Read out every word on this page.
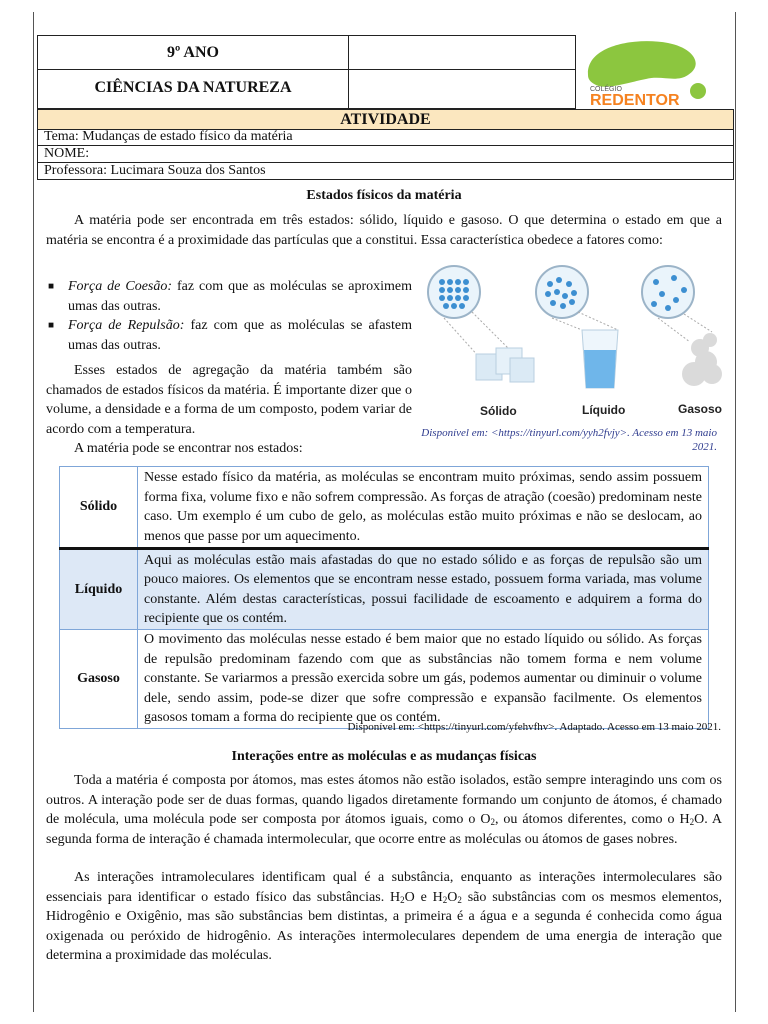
9º ANO
CIÊNCIAS DA NATUREZA	COLÉGIO
REDENTOR
ATIVIDADE
Tema: Mudanças de estado físico da matéria
NOME:
Professora: Lucimara Souza dos Santos
Estados físicos da matéria
A matéria pode ser encontrada em três estados: sólido, líquido e gasoso. O que determina o estado em que a matéria se encontra é a proximidade das partículas que a constitui. Essa característica obedece a fatores como:
■ Força de Coesão: faz com que as moléculas se aproximem umas das outras.
■ Força de Repulsão: faz com que as moléculas se afastem umas das outras.
Esses estados de agregação da matéria também são chamados de estados físicos da matéria. É importante dizer que o volume, a densidade e a forma de um composto, podem variar de acordo com a temperatura.
A matéria pode se encontrar nos estados:
Sólido	Líquido	Gasoso
Disponível em: <https://tinyurl.com/yyh2fvjy>. Acesso em 13 maio 2021.
Sólido	Nesse estado físico da matéria, as moléculas se encontram muito próximas, sendo assim possuem forma fixa, volume fixo e não sofrem compressão. As forças de atração (coesão) predominam neste caso. Um exemplo é um cubo de gelo, as moléculas estão muito próximas e não se deslocam, ao menos que passe por um aquecimento.
Líquido	Aqui as moléculas estão mais afastadas do que no estado sólido e as forças de repulsão são um pouco maiores. Os elementos que se encontram nesse estado, possuem forma variada, mas volume constante. Além destas características, possui facilidade de escoamento e adquirem a forma do recipiente que os contém.
Gasoso	O movimento das moléculas nesse estado é bem maior que no estado líquido ou sólido. As forças de repulsão predominam fazendo com que as substâncias não tomem forma e nem volume constante. Se variarmos a pressão exercida sobre um gás, podemos aumentar ou diminuir o volume dele, sendo assim, pode-se dizer que sofre compressão e expansão facilmente. Os elementos gasosos tomam a forma do recipiente que os contém.
Disponível em: <https://tinyurl.com/yfehvfhv>. Adaptado. Acesso em 13 maio 2021.
Interações entre as moléculas e as mudanças físicas
Toda a matéria é composta por átomos, mas estes átomos não estão isolados, estão sempre interagindo uns com os outros. A interação pode ser de duas formas, quando ligados diretamente formando um conjunto de átomos, é chamado de molécula, uma molécula pode ser composta por átomos iguais, como o $O_2$, ou átomos diferentes, como o $H_2O$. A segunda forma de interação é chamada intermolecular, que ocorre entre as moléculas ou átomos de gases nobres.
As interações intramoleculares identificam qual é a substância, enquanto as interações intermoleculares são essenciais para identificar o estado físico das substâncias. $H_2O$ e $H_2O_2$ são substâncias com os mesmos elementos, Hidrogênio e Oxigênio, mas são substâncias bem distintas, a primeira é a água e a segunda é conhecida como água oxigenada ou peróxido de hidrogênio. As interações intermoleculares dependem de uma energia de interação que determina a proximidade das moléculas.
